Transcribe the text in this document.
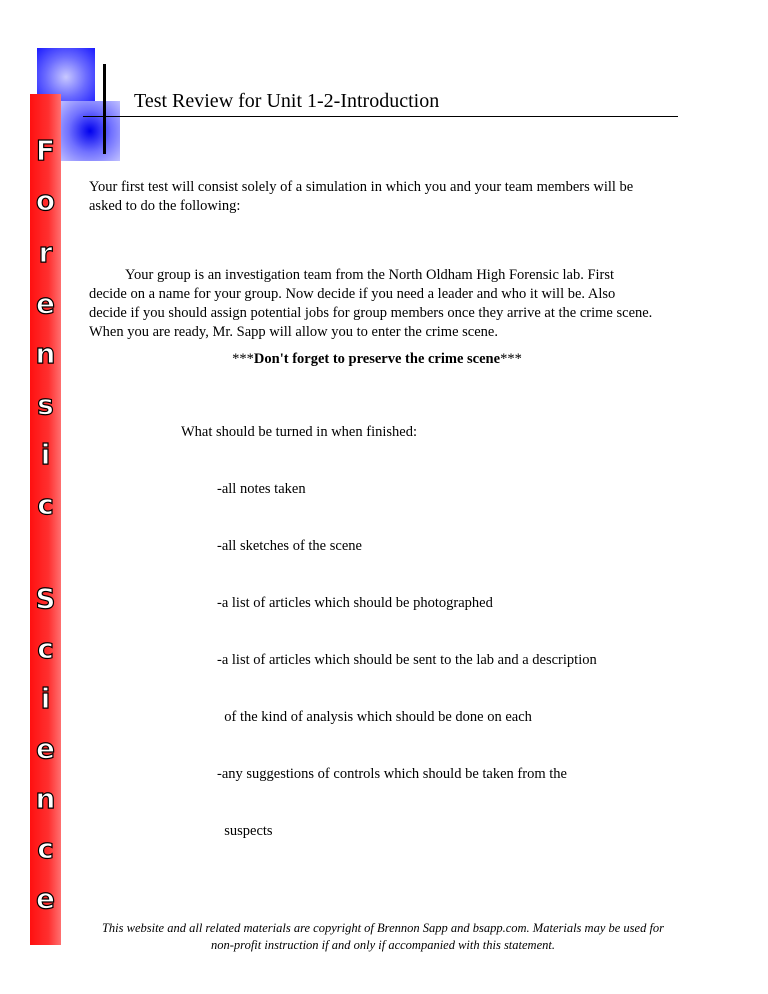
F
o
r
e
n
s
i
c
S
c
i
e
n
c
e
Test Review for Unit 1-2-Introduction
Your first test will consist solely of a simulation in which you and your team members will be
asked to do the following:
Your group is an investigation team from the North Oldham High Forensic lab. First
decide on a name for your group. Now decide if you need a leader and who it will be. Also
decide if you should assign potential jobs for group members once they arrive at the crime scene.
When you are ready, Mr. Sapp will allow you to enter the crime scene.
***Don't forget to preserve the crime scene***

What should be turned in when finished:

-all notes taken

-all sketches of the scene

-a list of articles which should be photographed

-a list of articles which should be sent to the lab and a description

of the kind of analysis which should be done on each

-any suggestions of controls which should be taken from the

suspects

This website and all related materials are copyright of Brennon Sapp and bsapp.com. Materials may be used for
non-profit instruction if and only if accompanied with this statement.
